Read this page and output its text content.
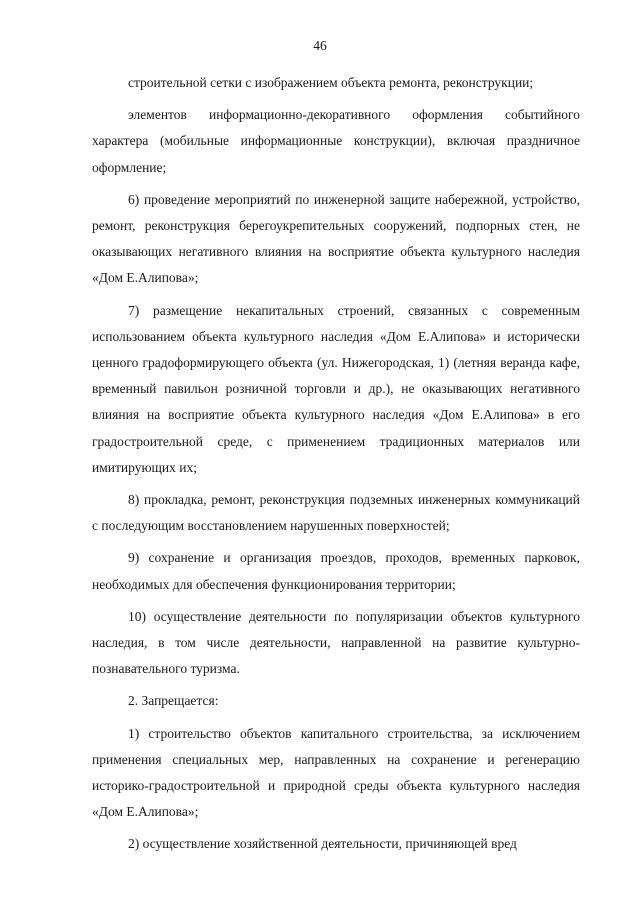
46

строительной сетки с изображением объекта ремонта, реконструкции;

элементов информационно-декоративного оформления событийного характера (мобильные информационные конструкции), включая праздничное оформление;

6) проведение мероприятий по инженерной защите набережной, устройство, ремонт, реконструкция берегоукрепительных сооружений, подпорных стен, не оказывающих негативного влияния на восприятие объекта культурного наследия «Дом Е.Алипова»;

7) размещение некапитальных строений, связанных с современным использованием объекта культурного наследия «Дом Е.Алипова» и исторически ценного градоформирующего объекта (ул. Нижегородская, 1) (летняя веранда кафе, временный павильон розничной торговли и др.), не оказывающих негативного влияния на восприятие объекта культурного наследия «Дом Е.Алипова» в его градостроительной среде, с применением традиционных материалов или имитирующих их;

8) прокладка, ремонт, реконструкция подземных инженерных коммуникаций с последующим восстановлением нарушенных поверхностей;

9) сохранение и организация проездов, проходов, временных парковок, необходимых для обеспечения функционирования территории;

10) осуществление деятельности по популяризации объектов культурного наследия, в том числе деятельности, направленной на развитие культурно-познавательного туризма.

2. Запрещается:

1) строительство объектов капитального строительства, за исключением применения специальных мер, направленных на сохранение и регенерацию историко-градостроительной и природной среды объекта культурного наследия «Дом Е.Алипова»;

2) осуществление хозяйственной деятельности, причиняющей вред
